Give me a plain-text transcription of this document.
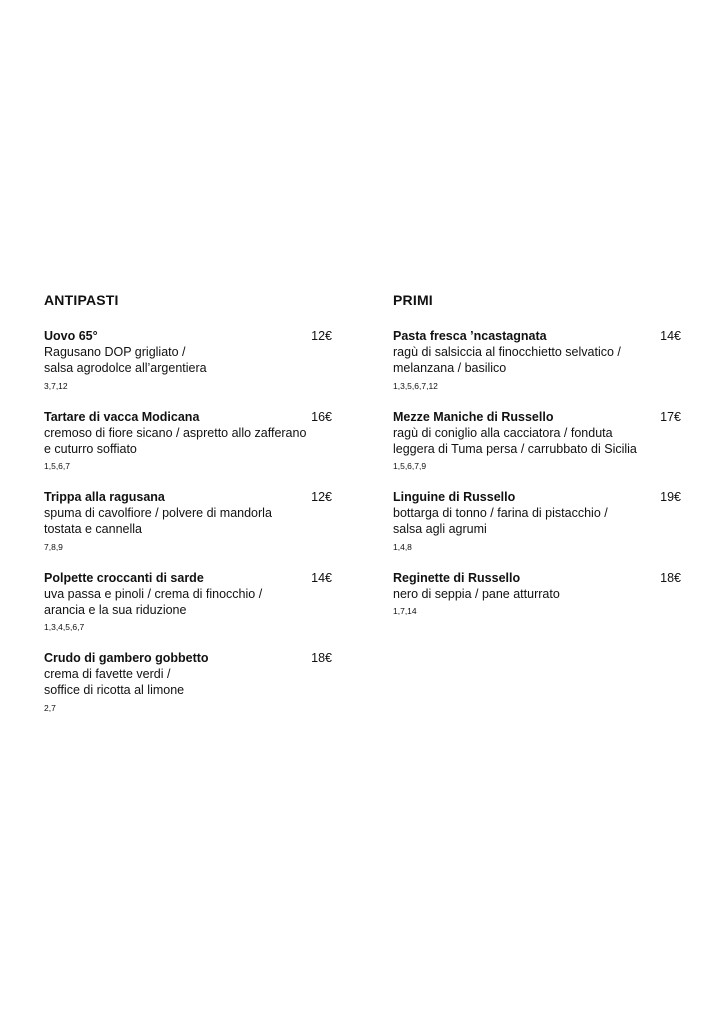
ANTIPASTI
Uovo 65°	12€
Ragusano DOP grigliato /
salsa agrodolce all’argentiera
3,7,12
Tartare di vacca Modicana	16€
cremoso di fiore sicano / aspretto allo zafferano
e cuturro soffiato
1,5,6,7
Trippa alla ragusana	12€
spuma di cavolfiore / polvere di mandorla
tostata e cannella
7,8,9
Polpette croccanti di sarde	14€
uva passa e pinoli / crema di finocchio /
arancia e la sua riduzione
1,3,4,5,6,7
Crudo di gambero gobbetto	18€
crema di favette verdi /
soffice di ricotta al limone
2,7
PRIMI
Pasta fresca ’ncastagnata	14€
ragù di salsiccia al finocchietto selvatico /
melanzana / basilico
1,3,5,6,7,12
Mezze Maniche di Russello	17€
ragù di coniglio alla cacciatora / fonduta
leggera di Tuma persa / carrubbato di Sicilia
1,5,6,7,9
Linguine di Russello	19€
bottarga di tonno / farina di pistacchio /
salsa agli agrumi
1,4,8
Reginette di Russello	18€
nero di seppia / pane atturrato
1,7,14
